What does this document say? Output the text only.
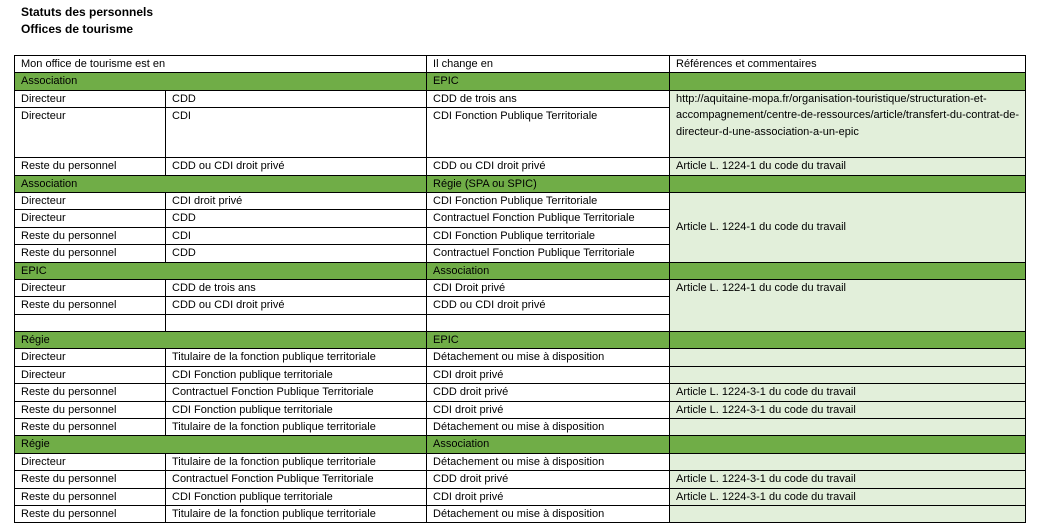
Statuts des personnels
Offices de tourisme
Mon office de tourisme est en		Il change en	Références et commentaires
Association		EPIC	
Directeur	CDD	CDD de trois ans	http://aquitaine-mopa.fr/organisation-touristique/structuration-et-accompagnement/centre-de-ressources/article/transfert-du-contrat-de-directeur-d-une-association-a-un-epic
Directeur	CDI	CDI Fonction Publique Territoriale	
Reste du personnel	CDD ou CDI droit privé	CDD ou CDI droit privé	Article L. 1224-1 du code du travail
Association		Régie (SPA ou SPIC)	
Directeur	CDI droit privé	CDI Fonction Publique Territoriale	Article L. 1224-1 du code du travail
Directeur	CDD	Contractuel Fonction Publique Territoriale	
Reste du personnel	CDI	CDI Fonction Publique territoriale	
Reste du personnel	CDD	Contractuel Fonction Publique Territoriale	
EPIC		Association	
Directeur	CDD de trois ans	CDI Droit privé	Article L. 1224-1 du code du travail
Reste du personnel	CDD ou CDI droit privé	CDD ou CDI droit privé	

Régie		EPIC	
Directeur	Titulaire de la fonction publique territoriale	Détachement ou mise à disposition	
Directeur	CDI Fonction publique territoriale	CDI droit privé	
Reste du personnel	Contractuel Fonction Publique Territoriale	CDD droit privé	Article L. 1224-3-1 du code du travail
Reste du personnel	CDI Fonction publique territoriale	CDI droit privé	Article L. 1224-3-1 du code du travail
Reste du personnel	Titulaire de la fonction publique territoriale	Détachement ou mise à disposition	
Régie		Association	
Directeur	Titulaire de la fonction publique territoriale	Détachement ou mise à disposition	
Reste du personnel	Contractuel Fonction Publique Territoriale	CDD droit privé	Article L. 1224-3-1 du code du travail
Reste du personnel	CDI Fonction publique territoriale	CDI droit privé	Article L. 1224-3-1 du code du travail
Reste du personnel	Titulaire de la fonction publique territoriale	Détachement ou mise à disposition	
